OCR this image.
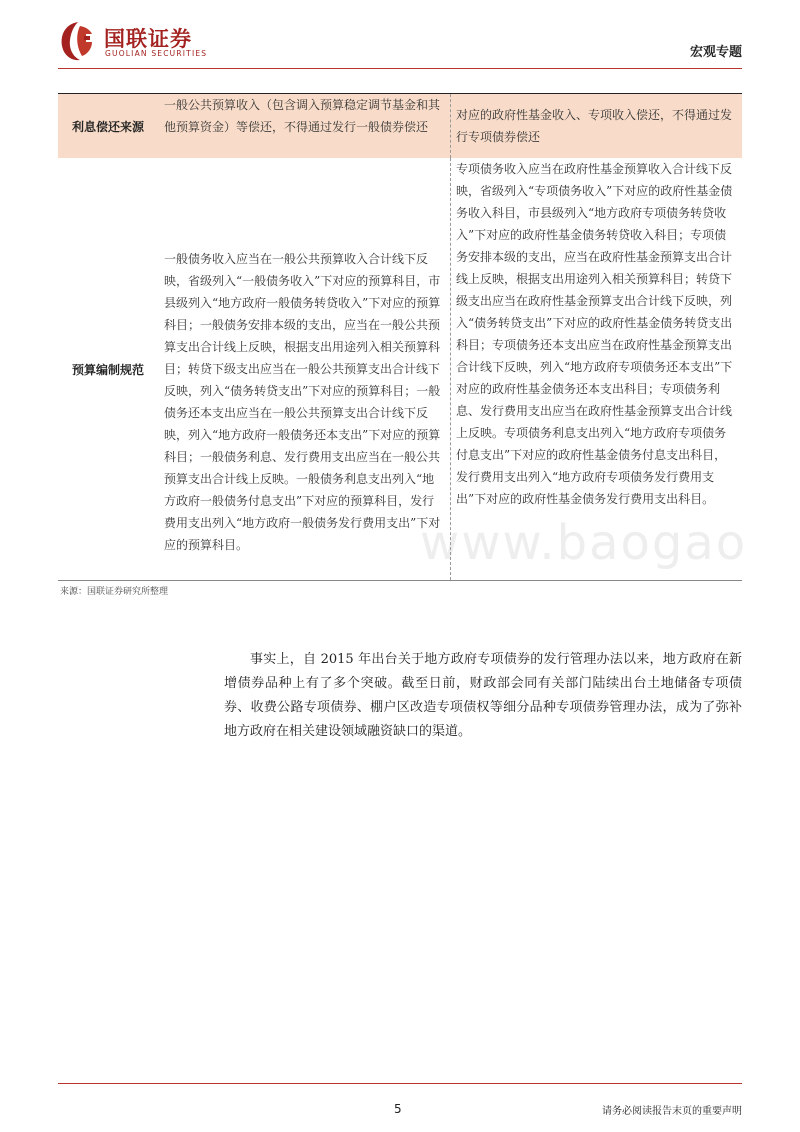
国联证券
GUOLIAN SECURITIES	宏观专题
利息偿还来源
一般公共预算收入（包含调入预算稳定调节基金和其他预算资金）等偿还，不得通过发行一般债券偿还
对应的政府性基金收入、专项收入偿还，不得通过发行专项债券偿还
预算编制规范
一般债务收入应当在一般公共预算收入合计线下反映，省级列入“一般债务收入”下对应的预算科目，市县级列入“地方政府一般债务转贷收入”下对应的预算科目；一般债务安排本级的支出，应当在一般公共预算支出合计线上反映，根据支出用途列入相关预算科目；转贷下级支出应当在一般公共预算支出合计线下反映，列入“债务转贷支出”下对应的预算科目；一般债务还本支出应当在一般公共预算支出合计线下反映，列入“地方政府一般债务还本支出”下对应的预算科目；一般债务利息、发行费用支出应当在一般公共预算支出合计线上反映。一般债务利息支出列入“地方政府一般债务付息支出”下对应的预算科目，发行费用支出列入“地方政府一般债务发行费用支出”下对应的预算科目。
专项债务收入应当在政府性基金预算收入合计线下反映，省级列入“专项债务收入”下对应的政府性基金债务收入科目，市县级列入“地方政府专项债务转贷收入”下对应的政府性基金债务转贷收入科目；专项债务安排本级的支出，应当在政府性基金预算支出合计线上反映，根据支出用途列入相关预算科目；转贷下级支出应当在政府性基金预算支出合计线下反映，列入“债务转贷支出”下对应的政府性基金债务转贷支出科目；专项债务还本支出应当在政府性基金预算支出合计线下反映，列入“地方政府专项债务还本支出”下对应的政府性基金债务还本支出科目；专项债务利息、发行费用支出应当在政府性基金预算支出合计线上反映。专项债务利息支出列入“地方政府专项债务付息支出”下对应的政府性基金债务付息支出科目，发行费用支出列入“地方政府专项债务发行费用支出”下对应的政府性基金债务发行费用支出科目。
来源：国联证券研究所整理
www.baogao
事实上，自 2015 年出台关于地方政府专项债券的发行管理办法以来，地方政府在新增债券品种上有了多个突破。截至日前，财政部会同有关部门陆续出台土地储备专项债券、收费公路专项债券、棚户区改造专项债权等细分品种专项债券管理办法，成为了弥补地方政府在相关建设领域融资缺口的渠道。
5	请务必阅读报告末页的重要声明
